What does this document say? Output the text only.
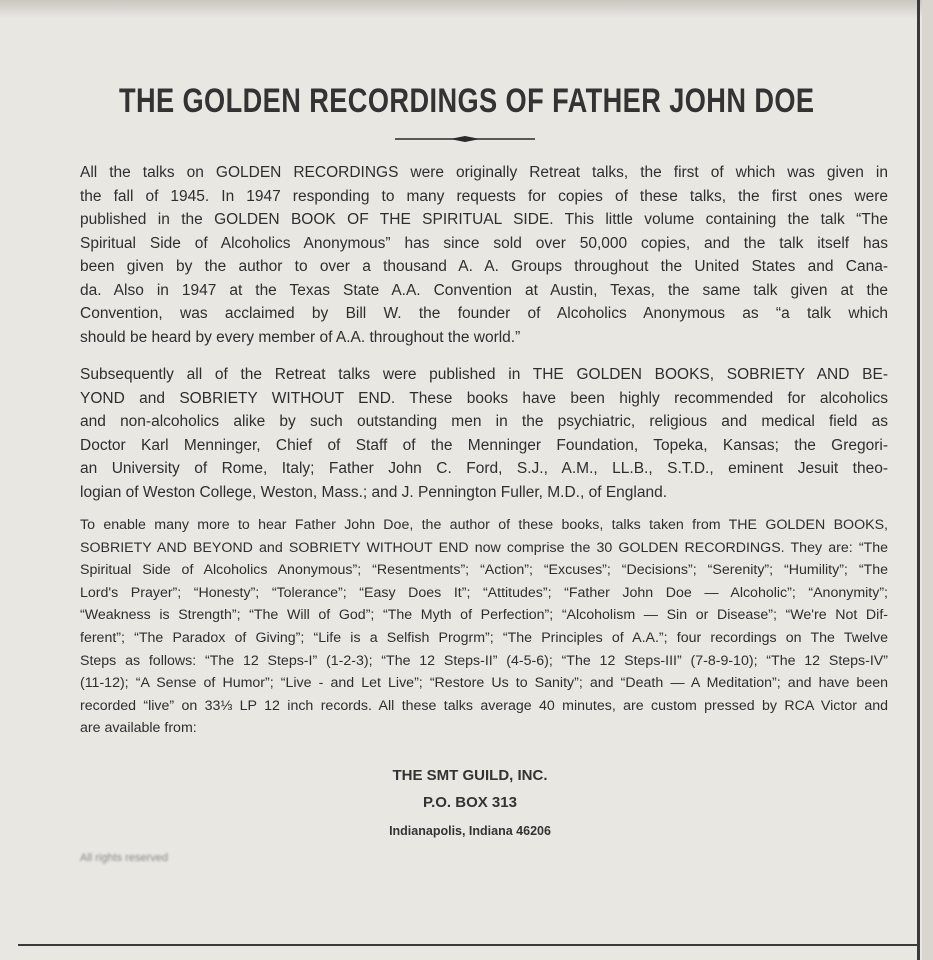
THE GOLDEN RECORDINGS OF FATHER JOHN DOE
All the talks on GOLDEN RECORDINGS were originally Retreat talks, the first of which was given in
the fall of 1945. In 1947 responding to many requests for copies of these talks, the first ones were
published in the GOLDEN BOOK OF THE SPIRITUAL SIDE. This little volume containing the talk “The
Spiritual Side of Alcoholics Anonymous” has since sold over 50,000 copies, and the talk itself has
been given by the author to over a thousand A. A. Groups throughout the United States and Cana-
da. Also in 1947 at the Texas State A.A. Convention at Austin, Texas, the same talk given at the
Convention, was acclaimed by Bill W. the founder of Alcoholics Anonymous as “a talk which
should be heard by every member of A.A. throughout the world.”
Subsequently all of the Retreat talks were published in THE GOLDEN BOOKS, SOBRIETY AND BE-
YOND and SOBRIETY WITHOUT END. These books have been highly recommended for alcoholics
and non-alcoholics alike by such outstanding men in the psychiatric, religious and medical field as
Doctor Karl Menninger, Chief of Staff of the Menninger Foundation, Topeka, Kansas; the Gregori-
an University of Rome, Italy; Father John C. Ford, S.J., A.M., LL.B., S.T.D., eminent Jesuit theo-
logian of Weston College, Weston, Mass.; and J. Pennington Fuller, M.D., of England.
To enable many more to hear Father John Doe, the author of these books, talks taken from THE GOLDEN BOOKS,
SOBRIETY AND BEYOND and SOBRIETY WITHOUT END now comprise the 30 GOLDEN RECORDINGS. They are: “The
Spiritual Side of Alcoholics Anonymous”; “Resentments”; “Action”; “Excuses”; “Decisions”; “Serenity”; “Humility”; “The
Lord's Prayer”; “Honesty”; “Tolerance”; “Easy Does It”; “Attitudes”; “Father John Doe — Alcoholic”; “Anonymity”;
“Weakness is Strength”; “The Will of God”; “The Myth of Perfection”; “Alcoholism — Sin or Disease”; “We're Not Dif-
ferent”; “The Paradox of Giving”; “Life is a Selfish Progrm”; “The Principles of A.A.”; four recordings on The Twelve
Steps as follows: “The 12 Steps-I” (1-2-3); “The 12 Steps-II” (4-5-6); “The 12 Steps-III” (7-8-9-10); “The 12 Steps-IV”
(11-12); “A Sense of Humor”; “Live - and Let Live”; “Restore Us to Sanity”; and “Death — A Meditation”; and have been
recorded “live” on 33⅓ LP 12 inch records. All these talks average 40 minutes, are custom pressed by RCA Victor and
are available from:
THE SMT GUILD, INC.
P.O. BOX 313
Indianapolis, Indiana 46206
All rights reserved
